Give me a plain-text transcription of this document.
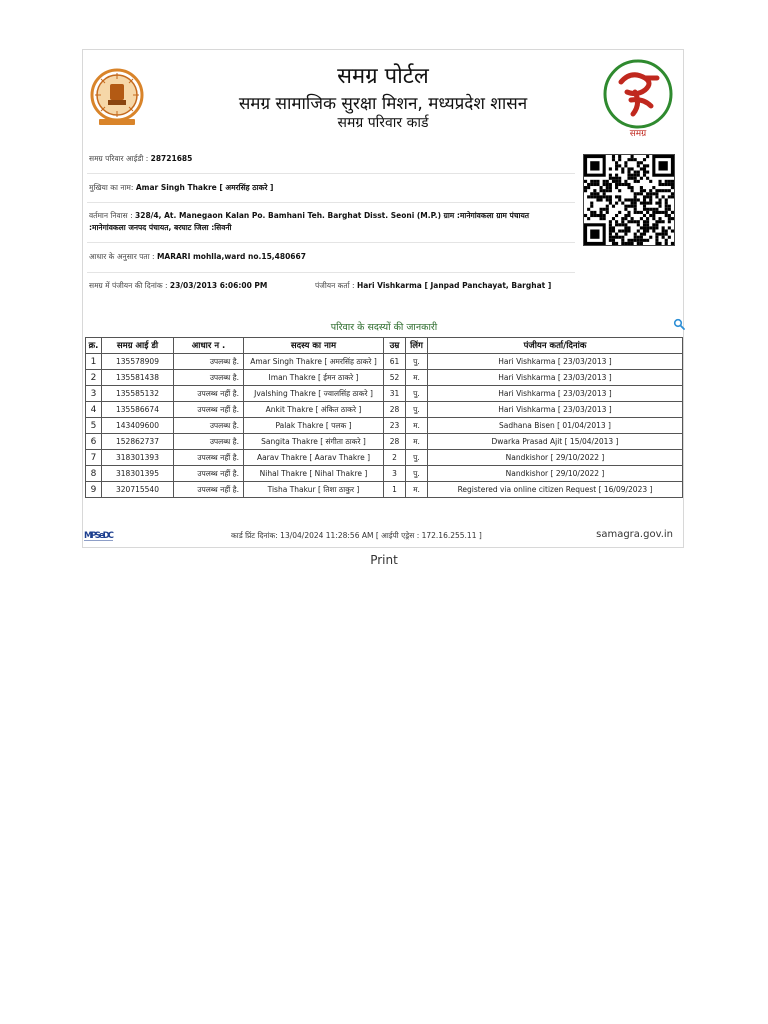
समग्र पोर्टल
समग्र सामाजिक सुरक्षा मिशन, मध्यप्रदेश शासन
समग्र परिवार कार्ड
समग्र
समग्र परिवार आईडी : 28721685
मुखिया का नाम: Amar Singh Thakre [ अमरसिंह ठाकरे ]
वर्तमान निवास : 328/4, At. Manegaon Kalan Po. Bamhani Teh. Barghat Disst. Seoni (M.P.) ग्राम :मानेगांवकला ग्राम पंचायत :मानेगांवकला जनपद पंचायत, बरघाट जिला :सिवनी
आधार के अनुसार पता : MARARI mohlla,ward no.15,480667
समग्र में पंजीयन की दिनांक : 23/03/2013 6:06:00 PM	पंजीयन कर्ता : Hari Vishkarma [ Janpad Panchayat, Barghat ]
परिवार के सदस्यों की जानकारी
क्र.	समग्र आई डी	आधार न .	सदस्य का नाम	उम्र	लिंग	पंजीयन कर्ता/दिनांक
1	135578909	उपलब्ध है.	Amar Singh Thakre [ अमरसिंह ठाकरे ]	61	पु.	Hari Vishkarma [ 23/03/2013 ]
2	135581438	उपलब्ध है.	Iman Thakre [ ईमन ठाकरे ]	52	म.	Hari Vishkarma [ 23/03/2013 ]
3	135585132	उपलब्ध नहीं है.	Jvalshing Thakre [ ज्वालसिंह ठाकरे ]	31	पु.	Hari Vishkarma [ 23/03/2013 ]
4	135586674	उपलब्ध नहीं है.	Ankit Thakre [ अंकित ठाकरे ]	28	पु.	Hari Vishkarma [ 23/03/2013 ]
5	143409600	उपलब्ध है.	Palak Thakre [ पलक ]	23	म.	Sadhana Bisen [ 01/04/2013 ]
6	152862737	उपलब्ध है.	Sangita Thakre [ संगीता ठाकरे ]	28	म.	Dwarka Prasad Ajit [ 15/04/2013 ]
7	318301393	उपलब्ध नहीं है.	Aarav Thakre [ Aarav Thakre ]	2	पु.	Nandkishor [ 29/10/2022 ]
8	318301395	उपलब्ध नहीं है.	Nihal Thakre [ Nihal Thakre ]	3	पु.	Nandkishor [ 29/10/2022 ]
9	320715540	उपलब्ध नहीं है.	Tisha Thakur [ तिशा ठाकुर ]	1	म.	Registered via online citizen Request [ 16/09/2023 ]
MPSeDC	कार्ड प्रिंट दिनांक: 13/04/2024 11:28:56 AM [ आईपी एड्रेस : 172.16.255.11 ]	samagra.gov.in
Print
